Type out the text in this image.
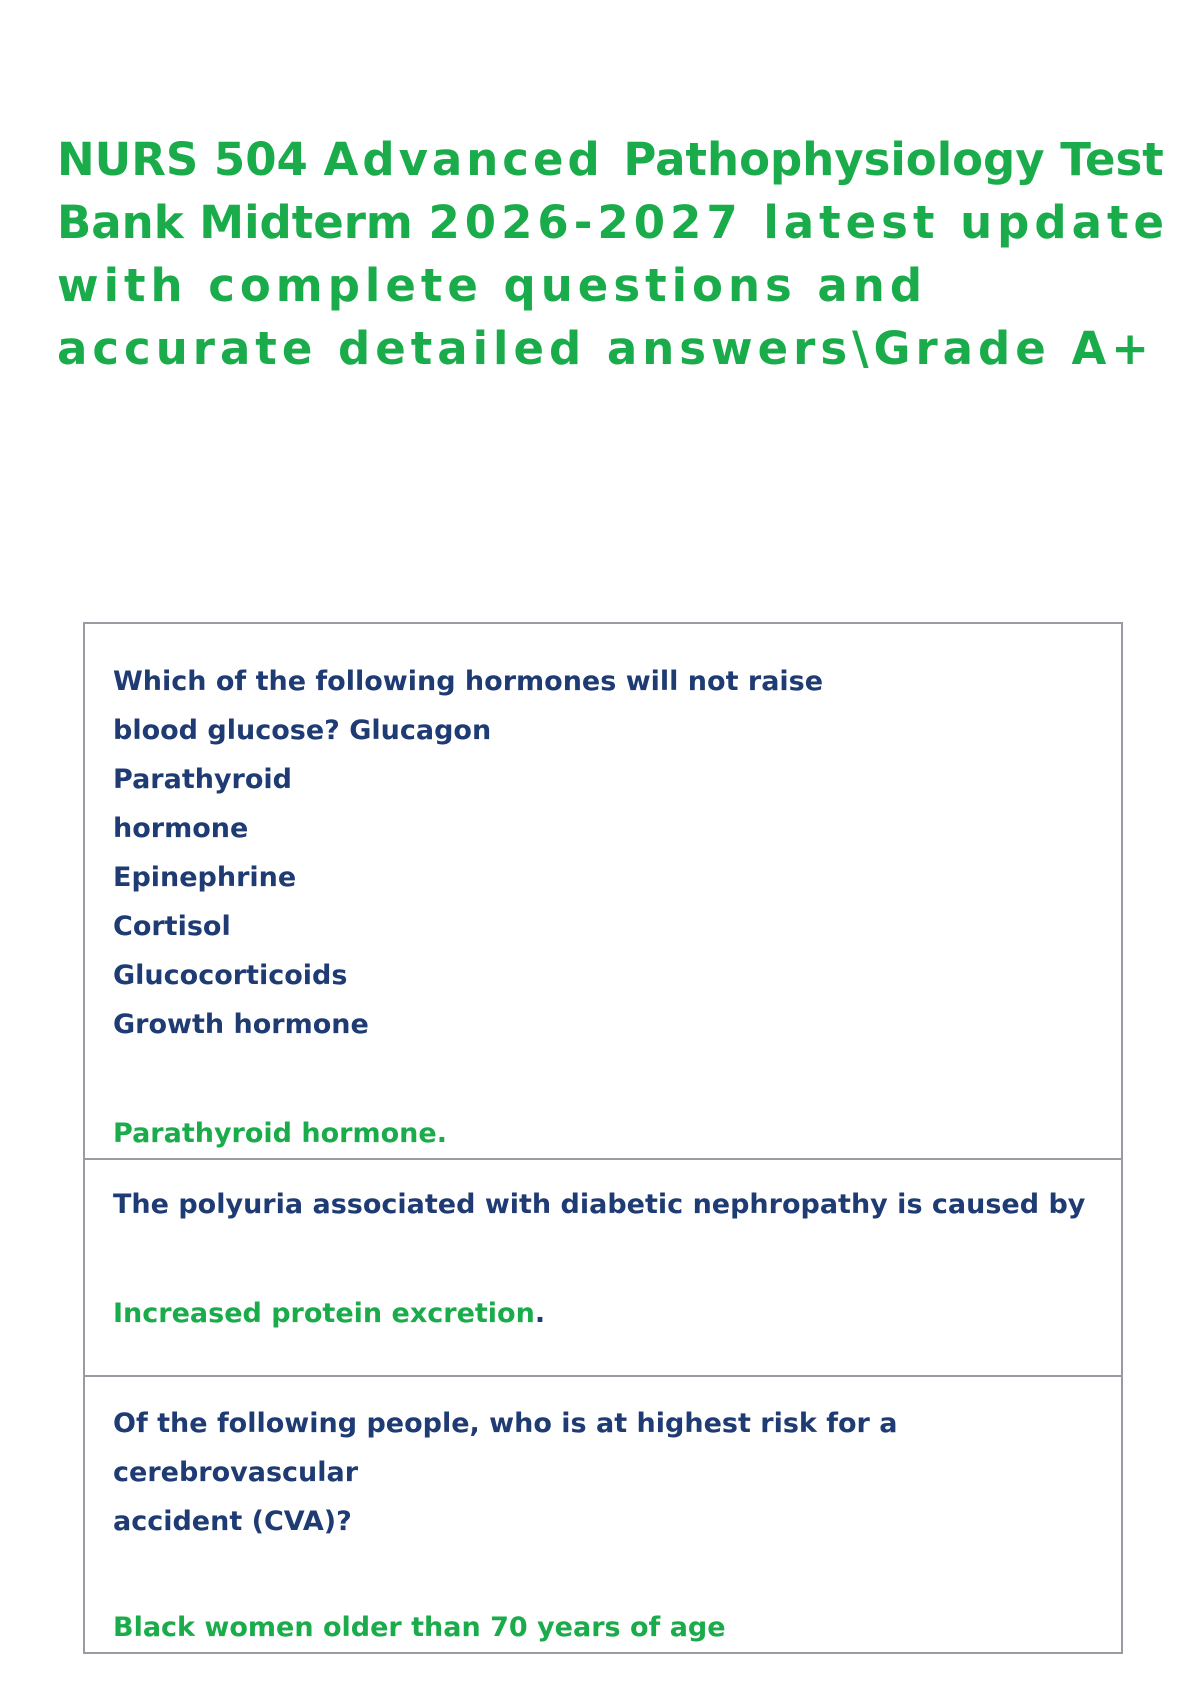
NURS 504 Advanced Pathophysiology Test Bank Midterm 2026-2027 latest update with complete questions and accurate detailed answers\Grade A+

Which of the following hormones will not raise
blood glucose? Glucagon
Parathyroid
hormone
Epinephrine
Cortisol
Glucocorticoids
Growth hormone

Parathyroid hormone.

The polyuria associated with diabetic nephropathy is caused by

Increased protein excretion.

Of the following people, who is at highest risk for a cerebrovascular
accident (CVA)?

Black women older than 70 years of age
